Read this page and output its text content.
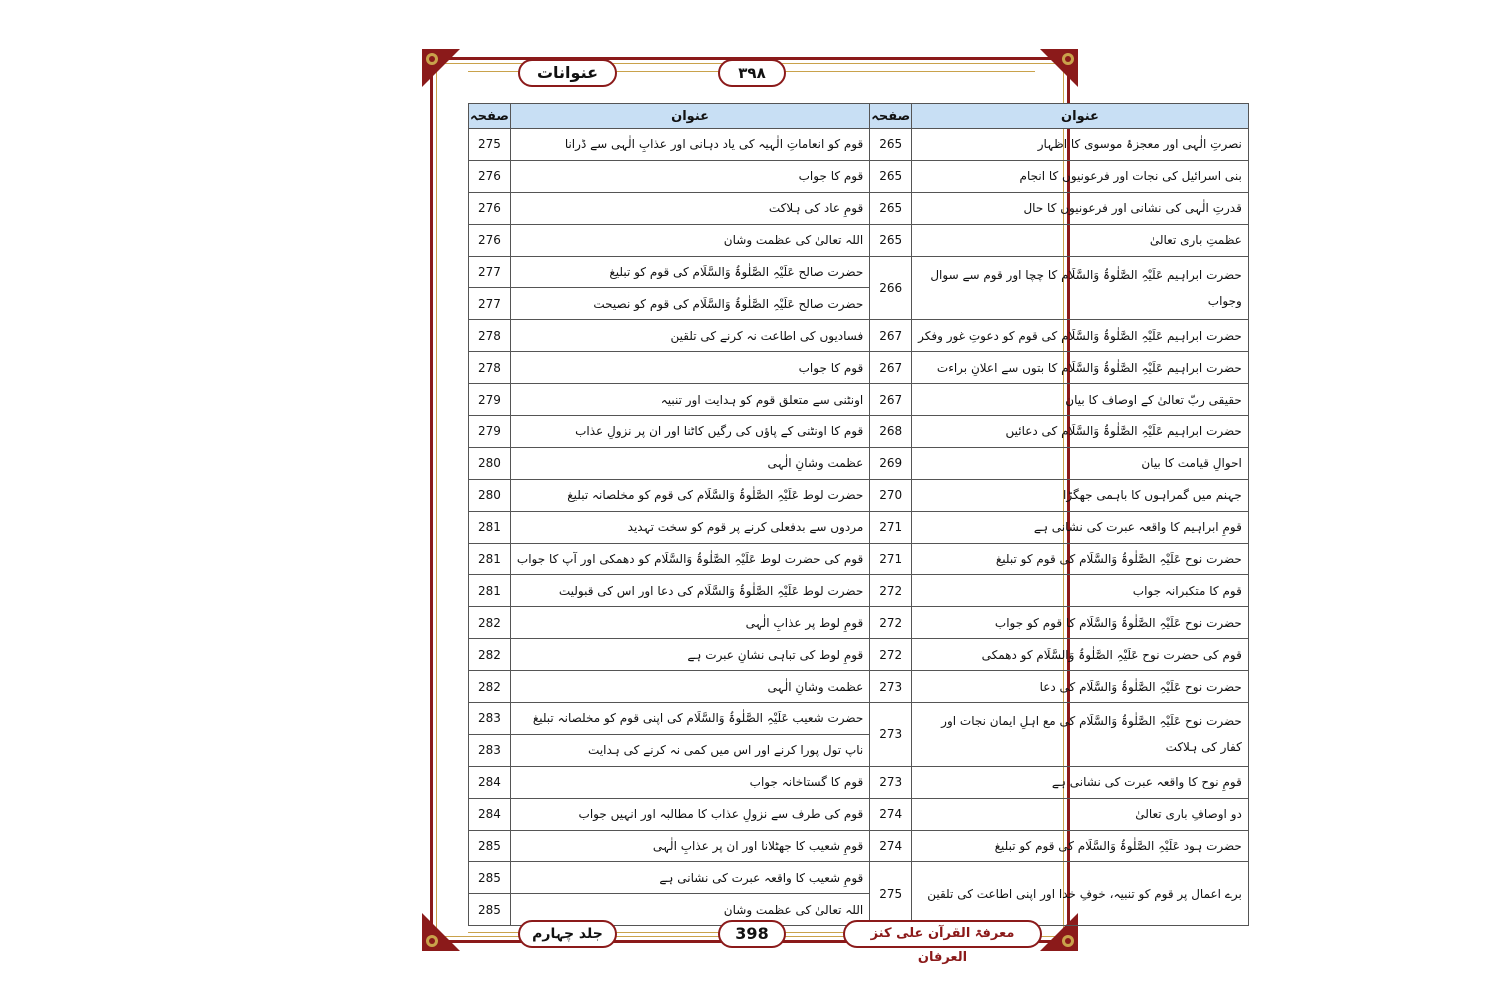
عنوانات	۳۹۸
صفحہ	عنوان	صفحہ	عنوان
275	قوم کو انعاماتِ الٰہیہ کی یاد دہانی اور عذابِ الٰہی سے ڈرانا	265	نصرتِ الٰہی اور معجزۂ موسوی کا اظہار
276	قوم کا جواب	265	بنی اسرائیل کی نجات اور فرعونیوں کا انجام
276	قومِ عاد کی ہلاکت	265	قدرتِ الٰہی کی نشانی اور فرعونیوں کا حال
276	اللہ تعالیٰ کی عظمت وشان	265	عظمتِ باری تعالیٰ
277	حضرت صالح عَلَیْہِ الصَّلٰوۃُ وَالسَّلَام کی قوم کو تبلیغ	266	حضرت ابراہیم عَلَیْہِ الصَّلٰوۃُ وَالسَّلَام کا چچا اور قوم سے سوال وجواب
277	حضرت صالح عَلَیْہِ الصَّلٰوۃُ وَالسَّلَام کی قوم کو نصیحت		
278	فسادیوں کی اطاعت نہ کرنے کی تلقین	267	حضرت ابراہیم عَلَیْہِ الصَّلٰوۃُ وَالسَّلَام کی قوم کو دعوتِ غور وفکر
278	قوم کا جواب	267	حضرت ابراہیم عَلَیْہِ الصَّلٰوۃُ وَالسَّلَام کا بتوں سے اعلانِ براءت
279	اونٹنی سے متعلق قوم کو ہدایت اور تنبیہ	267	حقیقی ربّ تعالیٰ کے اوصاف کا بیان
279	قوم کا اونٹنی کے پاؤں کی رگیں کاٹنا اور ان پر نزولِ عذاب	268	حضرت ابراہیم عَلَیْہِ الصَّلٰوۃُ وَالسَّلَام کی دعائیں
280	عظمت وشانِ الٰہی	269	احوالِ قیامت کا بیان
280	حضرت لوط عَلَیْہِ الصَّلٰوۃُ وَالسَّلَام کی قوم کو مخلصانہ تبلیغ	270	جہنم میں گمراہوں کا باہمی جھگڑا
281	مردوں سے بدفعلی کرنے پر قوم کو سخت تہدید	271	قومِ ابراہیم کا واقعہ عبرت کی نشانی ہے
281	قوم کی حضرت لوط عَلَیْہِ الصَّلٰوۃُ وَالسَّلَام کو دھمکی اور آپ کا جواب	271	حضرت نوح عَلَیْہِ الصَّلٰوۃُ وَالسَّلَام کی قوم کو تبلیغ
281	حضرت لوط عَلَیْہِ الصَّلٰوۃُ وَالسَّلَام کی دعا اور اس کی قبولیت	272	قوم کا متکبرانہ جواب
282	قومِ لوط پر عذابِ الٰہی	272	حضرت نوح عَلَیْہِ الصَّلٰوۃُ وَالسَّلَام کا قوم کو جواب
282	قومِ لوط کی تباہی نشانِ عبرت ہے	272	قوم کی حضرت نوح عَلَیْہِ الصَّلٰوۃُ وَالسَّلَام کو دھمکی
282	عظمت وشانِ الٰہی	273	حضرت نوح عَلَیْہِ الصَّلٰوۃُ وَالسَّلَام کی دعا
283	حضرت شعیب عَلَیْہِ الصَّلٰوۃُ وَالسَّلَام کی اپنی قوم کو مخلصانہ تبلیغ	273	حضرت نوح عَلَیْہِ الصَّلٰوۃُ وَالسَّلَام کی مع اہلِ ایمان نجات اور کفار کی ہلاکت
283	ناپ تول پورا کرنے اور اس میں کمی نہ کرنے کی ہدایت		
284	قوم کا گستاخانہ جواب	273	قومِ نوح کا واقعہ عبرت کی نشانی ہے
284	قوم کی طرف سے نزولِ عذاب کا مطالبہ اور انہیں جواب	274	دو اوصافِ باری تعالیٰ
285	قومِ شعیب کا جھٹلانا اور ان پر عذابِ الٰہی	274	حضرت ہود عَلَیْہِ الصَّلٰوۃُ وَالسَّلَام کی قوم کو تبلیغ
285	قومِ شعیب کا واقعہ عبرت کی نشانی ہے	275	برے اعمال پر قوم کو تنبیہ، خوفِ خدا اور اپنی اطاعت کی تلقین
285	اللہ تعالیٰ کی عظمت وشان		
جلد چہارم	398	معرفۃ القرآن علی کنز العرفان
